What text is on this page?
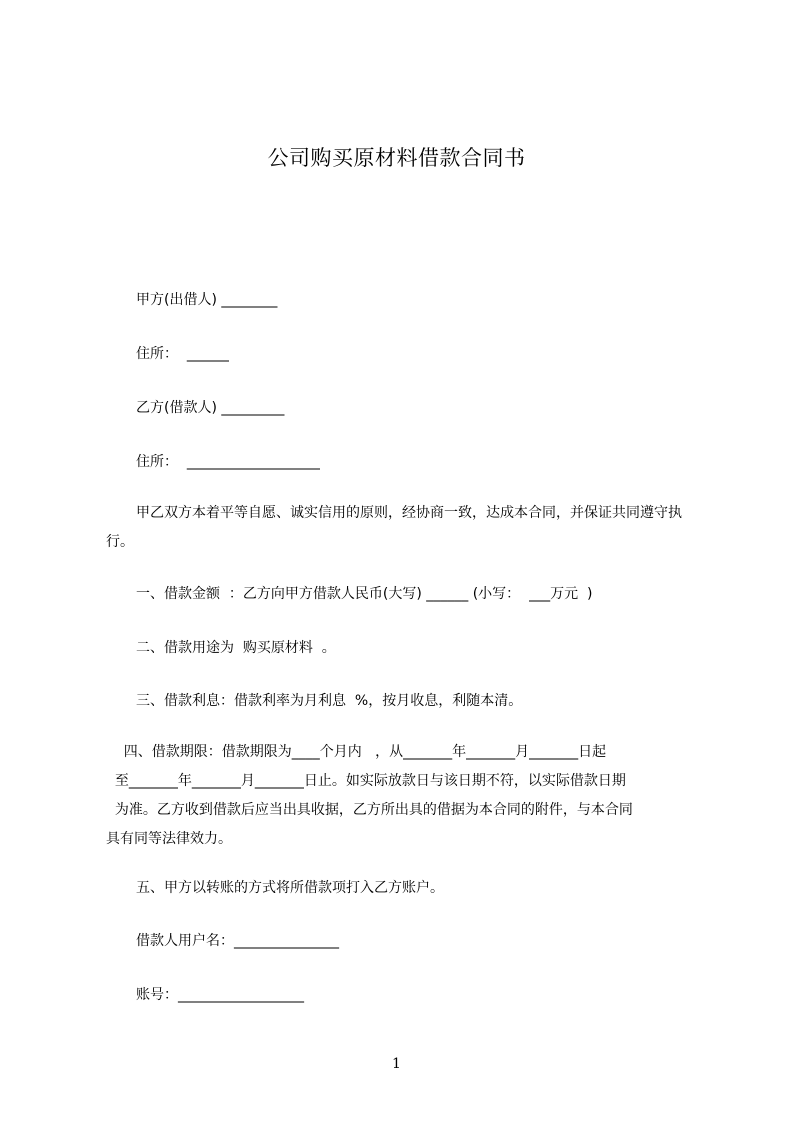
公司购买原材料借款合同书
甲方(出借人) ________
住所：  ______
乙方(借款人) _________
住所：  ___________________
甲乙双方本着平等自愿、诚实信用的原则，经协商一致，达成本合同，并保证共同遵守执行。
一、借款金额  ：乙方向甲方借款人民币(大写) ______ (小写：  ___万元  )
二、借款用途为  购买原材料  。
三、借款利息：借款利率为月利息  %，按月收息，利随本清。
四、借款期限：借款期限为____个月内   ，从_______年_______月_______日起
至_______年_______月_______日止。如实际放款日与该日期不符，以实际借款日期
为准。乙方收到借款后应当出具收据，乙方所出具的借据为本合同的附件，与本合同
具有同等法律效力。
五、甲方以转账的方式将所借款项打入乙方账户。
借款人用户名：_______________
账号：__________________
1
